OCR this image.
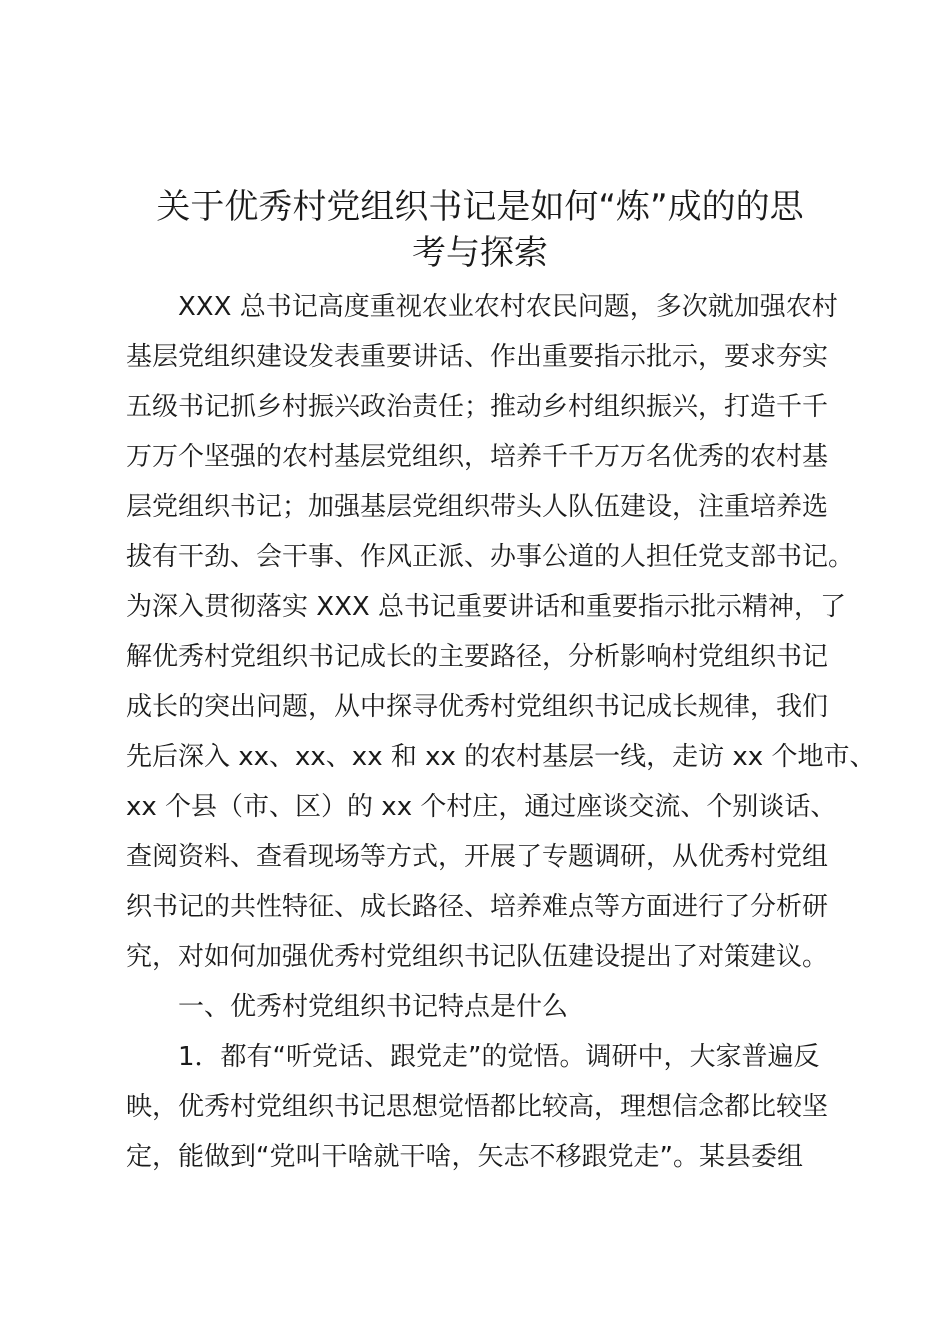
关于优秀村党组织书记是如何“炼”成的的思
考与探索
XXX 总书记高度重视农业农村农民问题，多次就加强农村
基层党组织建设发表重要讲话、作出重要指示批示，要求夯实
五级书记抓乡村振兴政治责任；推动乡村组织振兴，打造千千
万万个坚强的农村基层党组织，培养千千万万名优秀的农村基
层党组织书记；加强基层党组织带头人队伍建设，注重培养选
拔有干劲、会干事、作风正派、办事公道的人担任党支部书记。
为深入贯彻落实 XXX 总书记重要讲话和重要指示批示精神，了
解优秀村党组织书记成长的主要路径，分析影响村党组织书记
成长的突出问题，从中探寻优秀村党组织书记成长规律，我们
先后深入 xx、xx、xx 和 xx 的农村基层一线，走访 xx 个地市、
xx 个县（市、区）的 xx 个村庄，通过座谈交流、个别谈话、
查阅资料、查看现场等方式，开展了专题调研，从优秀村党组
织书记的共性特征、成长路径、培养难点等方面进行了分析研
究，对如何加强优秀村党组织书记队伍建设提出了对策建议。
一、优秀村党组织书记特点是什么
1．都有“听党话、跟党走”的觉悟。调研中，大家普遍反
映，优秀村党组织书记思想觉悟都比较高，理想信念都比较坚
定，能做到“党叫干啥就干啥，矢志不移跟党走”。某县委组
